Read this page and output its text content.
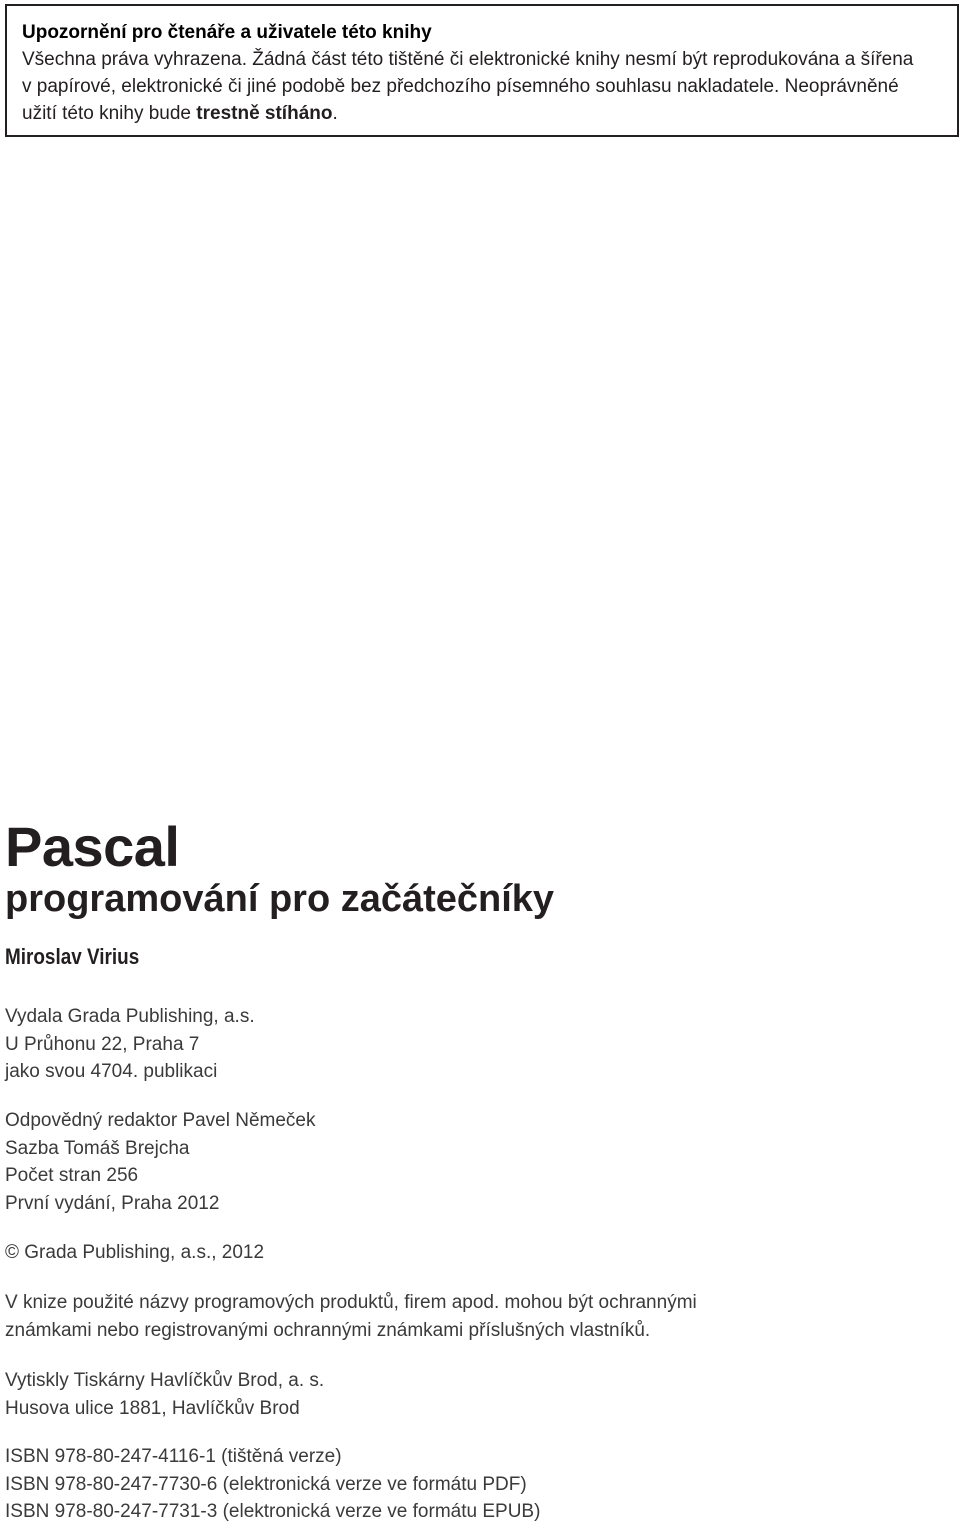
Upozornění pro čtenáře a uživatele této knihy
Všechna práva vyhrazena. Žádná část této tištěné či elektronické knihy nesmí být reprodukována a šířena
v papírové, elektronické či jiné podobě bez předchozího písemného souhlasu nakladatele. Neoprávněné
užití této knihy bude trestně stíháno.
Pascal
programování pro začátečníky
Miroslav Virius
Vydala Grada Publishing, a.s.
U Průhonu 22, Praha 7
jako svou 4704. publikaci
Odpovědný redaktor Pavel Němeček
Sazba Tomáš Brejcha
Počet stran 256
První vydání, Praha 2012
© Grada Publishing, a.s., 2012
V knize použité názvy programových produktů, firem apod. mohou být ochrannými
známkami nebo registrovanými ochrannými známkami příslušných vlastníků.
Vytiskly Tiskárny Havlíčkův Brod, a. s.
Husova ulice 1881, Havlíčkův Brod
ISBN 978-80-247-4116-1 (tištěná verze)
ISBN 978-80-247-7730-6 (elektronická verze ve formátu PDF)
ISBN 978-80-247-7731-3 (elektronická verze ve formátu EPUB)
